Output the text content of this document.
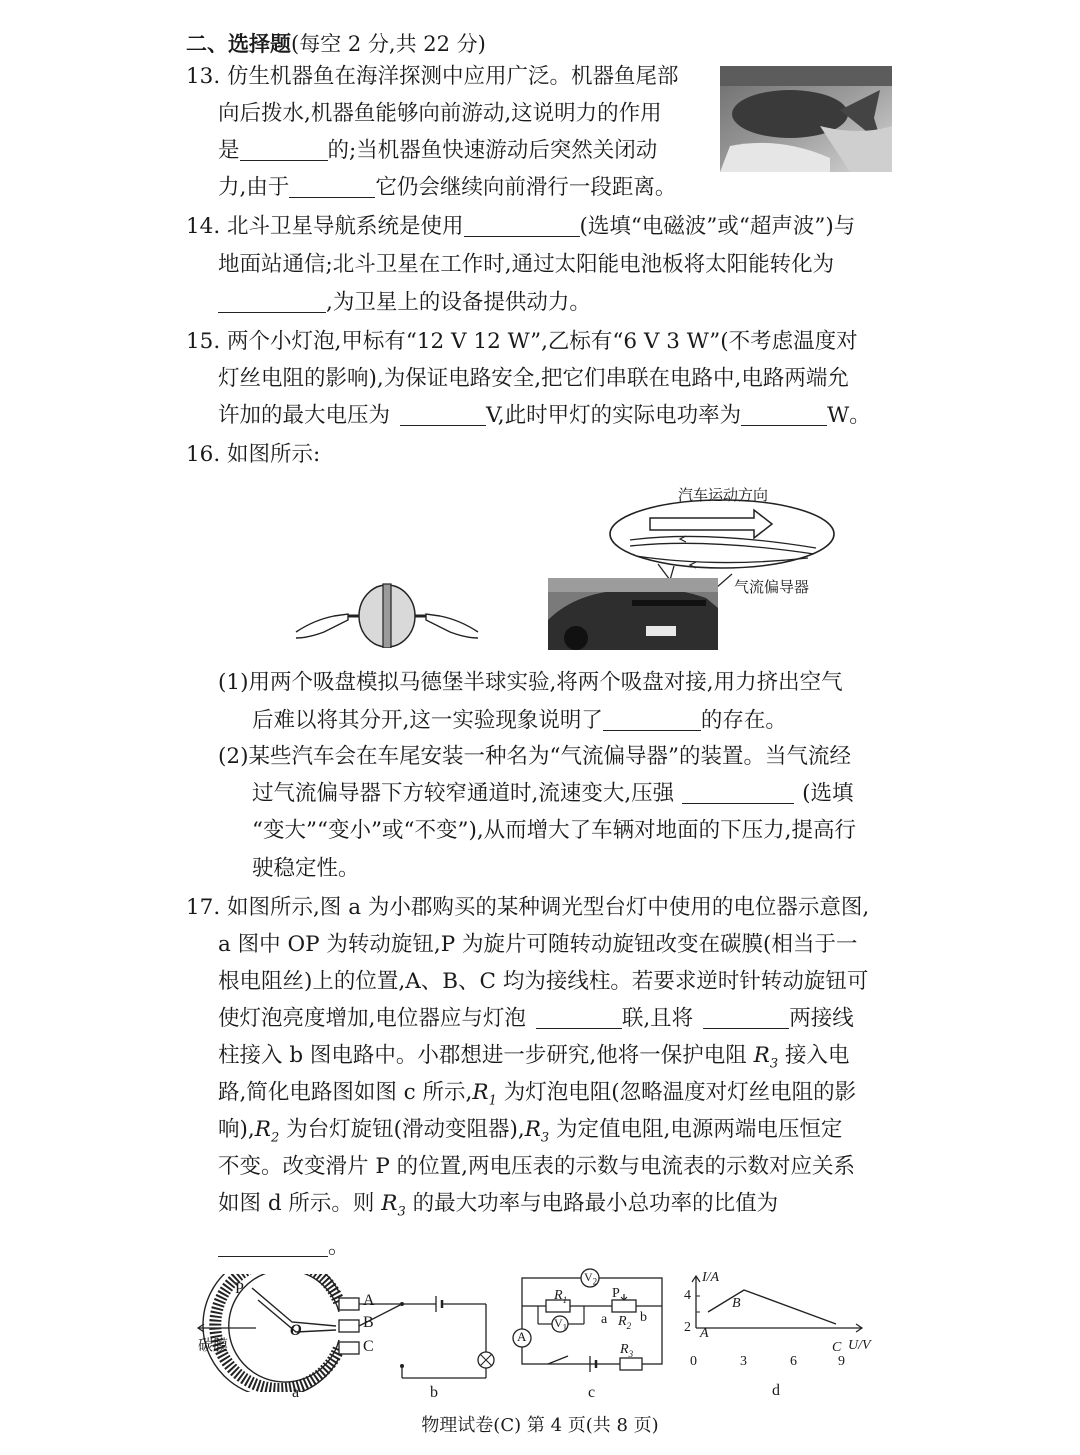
二、选择题(每空 2 分,共 22 分)
13. 仿生机器鱼在海洋探测中应用广泛。机器鱼尾部
向后拨水,机器鱼能够向前游动,这说明力的作用
是	的;当机器鱼快速游动后突然关闭动
力,由于	它仍会继续向前滑行一段距离。
14. 北斗卫星导航系统是使用	(选填“电磁波”或“超声波”)与
地面站通信;北斗卫星在工作时,通过太阳能电池板将太阳能转化为
,为卫星上的设备提供动力。
15. 两个小灯泡,甲标有“12 V 12 W”,乙标有“6 V 3 W”(不考虑温度对
灯丝电阻的影响),为保证电路安全,把它们串联在电路中,电路两端允
许加的最大电压为	V,此时甲灯的实际电功率为	W。
16. 如图所示:
汽车运动方向
气流偏导器
(1)用两个吸盘模拟马德堡半球实验,将两个吸盘对接,用力挤出空气
后难以将其分开,这一实验现象说明了	的存在。
(2)某些汽车会在车尾安装一种名为“气流偏导器”的装置。当气流经
过气流偏导器下方较窄通道时,流速变大,压强	(选填
“变大”“变小”或“不变”),从而增大了车辆对地面的下压力,提高行
驶稳定性。
17. 如图所示,图 a 为小郡购买的某种调光型台灯中使用的电位器示意图,
a 图中 OP 为转动旋钮,P 为旋片可随转动旋钮改变在碳膜(相当于一
根电阻丝)上的位置,A、B、C 均为接线柱。若要求逆时针转动旋钮可
使灯泡亮度增加,电位器应与灯泡	联,且将	两接线
柱接入 b 图电路中。小郡想进一步研究,他将一保护电阻 $R_3$ 接入电
路,简化电路图如图 c 所示$,R_1$ 为灯泡电阻(忽略温度对灯丝电阻的影
响)$,R_2$ 为台灯旋钮(滑动变阻器)$,R_3$ 为定值电阻,电源两端电压恒定
不变。改变滑片 P 的位置,两电压表的示数与电流表的示数对应关系
如图 d 所示。则 $R_3$ 的最大功率与电路最小总功率的比值为
。
P
A
B
C
O
碳膜
a	b
$V_2$
$R_1$	P
$V_1$
a $R_2$
b
A
$R_3$
c
I/A
4
2 A
B
C U/V
0	3	6	9
d
物理试卷(C) 第 4 页(共 8 页)
